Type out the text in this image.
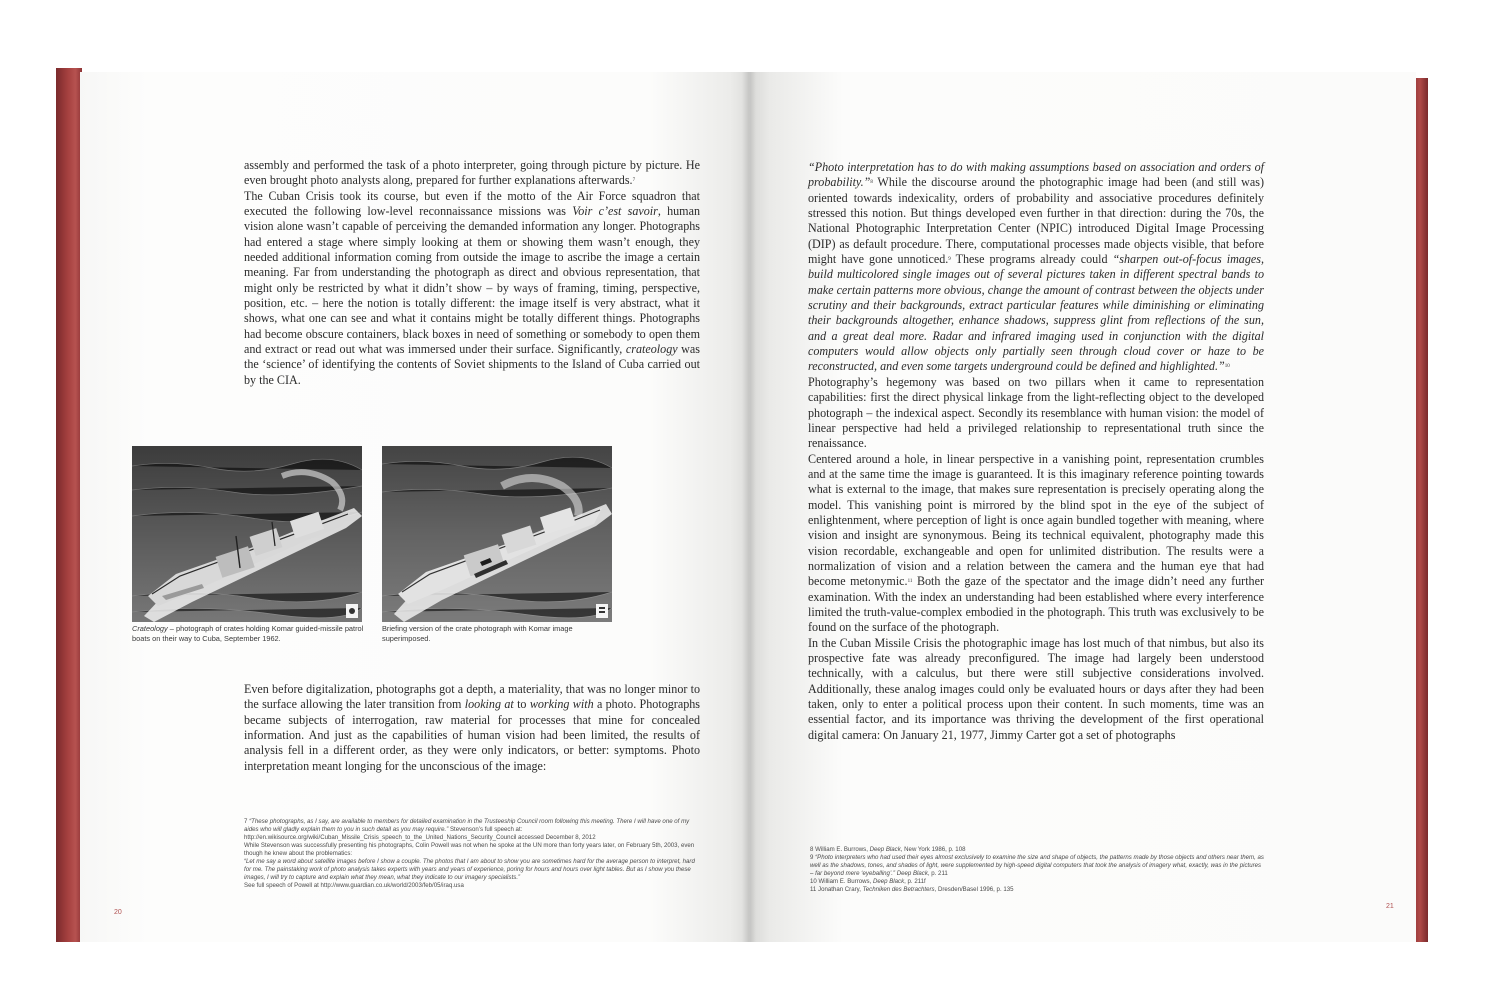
assembly and performed the task of a photo interpreter, going through picture by picture. He even brought photo analysts along, prepared for further explanations afterwards.$^7$

The Cuban Crisis took its course, but even if the motto of the Air Force squadron that executed the following low-level reconnaissance missions was Voir c’est savoir, human vision alone wasn’t capable of perceiving the demanded information any longer. Photographs had entered a stage where simply looking at them or showing them wasn’t enough, they needed additional information coming from outside the image to ascribe the image a certain meaning. Far from understanding the photograph as direct and obvious representation, that might only be restricted by what it didn’t show – by ways of framing, timing, perspective, position, etc. – here the notion is totally different: the image itself is very abstract, what it shows, what one can see and what it contains might be totally different things. Photographs had become obscure containers, black boxes in need of something or somebody to open them and extract or read out what was immersed under their surface. Significantly, crateology was the ‘science’ of identifying the contents of Soviet shipments to the Island of Cuba carried out by the CIA.

Crateology – photograph of crates holding Komar guided-missile patrol boats on their way to Cuba, September 1962.
Briefing version of the crate photograph with Komar image superimposed.

Even before digitalization, photographs got a depth, a materiality, that was no longer minor to the surface allowing the later transition from looking at to working with a photo. Photographs became subjects of interrogation, raw material for processes that mine for concealed information. And just as the capabilities of human vision had been limited, the results of analysis fell in a different order, as they were only indicators, or better: symptoms. Photo interpretation meant longing for the unconscious of the image:

7 “These photographs, as I say, are available to members for detailed examination in the Trusteeship Council room following this meeting. There I will have one of my aides who will gladly explain them to you in such detail as you may require.” Stevenson’s full speech at: http://en.wikisource.org/wiki/Cuban_Missile_Crisis_speech_to_the_United_Nations_Security_Council accessed December 8, 2012

While Stevenson was successfully presenting his photographs, Colin Powell was not when he spoke at the UN more than forty years later, on February 5th, 2003, even though he knew about the problematics:

“Let me say a word about satellite images before I show a couple. The photos that I am about to show you are sometimes hard for the average person to interpret, hard for me. The painstaking work of photo analysis takes experts with years and years of experience, poring for hours and hours over light tables. But as I show you these images, I will try to capture and explain what they mean, what they indicate to our imagery specialists.”

See full speech of Powell at http://www.guardian.co.uk/world/2003/feb/05/iraq.usa

20

“Photo interpretation has to do with making assumptions based on association and orders of probability.”$^8$ While the discourse around the photographic image had been (and still was) oriented towards indexicality, orders of probability and associative procedures definitely stressed this notion. But things developed even further in that direction: during the 70s, the National Photographic Interpretation Center (NPIC) introduced Digital Image Processing (DIP) as default procedure. There, computational processes made objects visible, that before might have gone unnoticed.$^9$ These programs already could “sharpen out-of-focus images, build multicolored single images out of several pictures taken in different spectral bands to make certain patterns more obvious, change the amount of contrast between the objects under scrutiny and their backgrounds, extract particular features while diminishing or eliminating their backgrounds altogether, enhance shadows, suppress glint from reflections of the sun, and a great deal more. Radar and infrared imaging used in conjunction with the digital computers would allow objects only partially seen through cloud cover or haze to be reconstructed, and even some targets underground could be defined and highlighted.”$^{10}$

Photography’s hegemony was based on two pillars when it came to representation capabilities: first the direct physical linkage from the light-reflecting object to the developed photograph – the indexical aspect. Secondly its resemblance with human vision: the model of linear perspective had held a privileged relationship to representational truth since the renaissance.

Centered around a hole, in linear perspective in a vanishing point, representation crumbles and at the same time the image is guaranteed. It is this imaginary reference pointing towards what is external to the image, that makes sure representation is precisely operating along the model. This vanishing point is mirrored by the blind spot in the eye of the subject of enlightenment, where perception of light is once again bundled together with meaning, where vision and insight are synonymous. Being its technical equivalent, photography made this vision recordable, exchangeable and open for unlimited distribution. The results were a normalization of vision and a relation between the camera and the human eye that had become metonymic.$^{11}$ Both the gaze of the spectator and the image didn’t need any further examination. With the index an understanding had been established where every interference limited the truth-value-complex embodied in the photograph. This truth was exclusively to be found on the surface of the photograph.

In the Cuban Missile Crisis the photographic image has lost much of that nimbus, but also its prospective fate was already preconfigured. The image had largely been understood technically, with a calculus, but there were still subjective considerations involved. Additionally, these analog images could only be evaluated hours or days after they had been taken, only to enter a political process upon their content. In such moments, time was an essential factor, and its importance was thriving the development of the first operational digital camera: On January 21, 1977, Jimmy Carter got a set of photographs

8 William E. Burrows, Deep Black, New York 1986, p. 108

9 “Photo interpreters who had used their eyes almost exclusively to examine the size and shape of objects, the patterns made by those objects and others near them, as well as the shadows, tones, and shades of light, were supplemented by high-speed digital computers that took the analysis of imagery what, exactly, was in the pictures – far beyond mere ‘eyeballing’.” Deep Black, p. 211

10 William E. Burrows, Deep Black, p. 211f

11 Jonathan Crary, Techniken des Betrachters, Dresden/Basel 1996, p. 135

21
